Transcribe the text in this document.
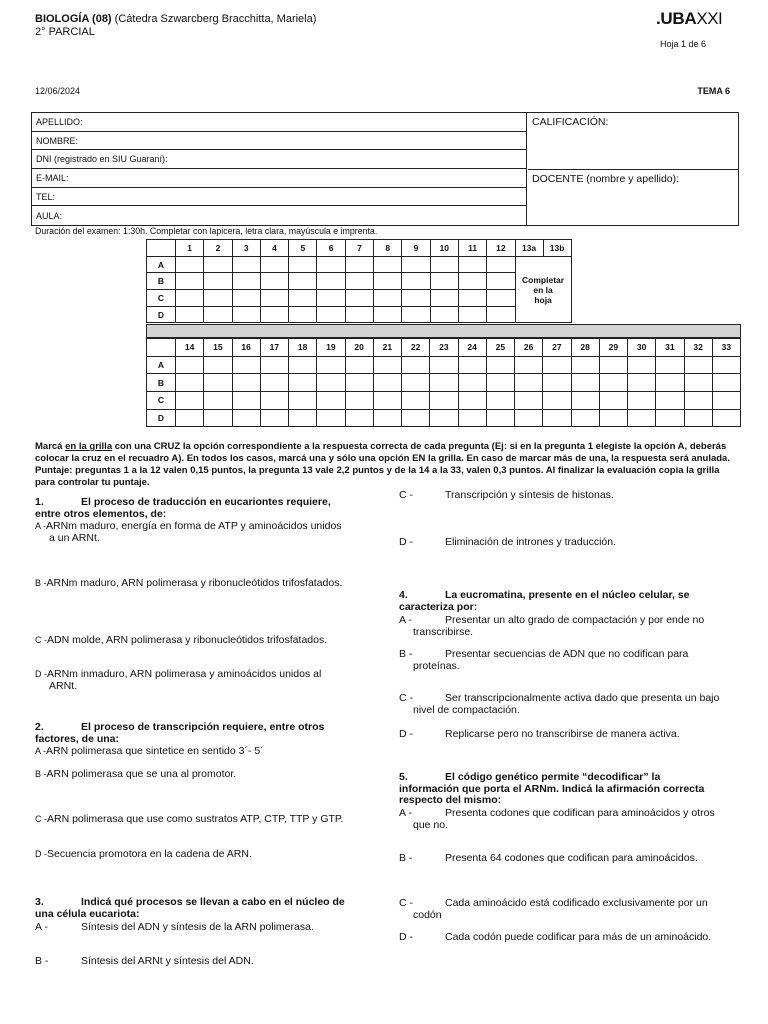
BIOLOGÍA (08) (Cátedra Szwarcberg Bracchitta, Mariela)
2° PARCIAL
.UBAXXI
Hoja 1 de 6
12/06/2024	TEMA 6
APELLIDO:
NOMBRE:
DNI (registrado en SIU Guaraní):
E-MAIL:
TEL:
AULA:
CALIFICACIÓN:
DOCENTE (nombre y apellido):
Duración del examen: 1:30h. Completar con lapicera, letra clara, mayúscula e imprenta.
	1	2	3	4	5	6	7	8	9	10	11	12	13a	13b
A													Completar
en la
hoja	

B														
C														
D														
	14	15	16	17	18	19	20	21	22	23	24	25	26	27	28	29	30	31	32	33
A																				
B																				
C																				
D																				
Marcá en la grilla con una CRUZ la opción correspondiente a la respuesta correcta de cada pregunta (Ej: si en la pregunta 1 elegiste la opción A, deberás colocar la cruz en el recuadro A). En todos los casos, marcá una y sólo una opción EN la grilla. En caso de marcar más de una, la respuesta será anulada. Puntaje: preguntas 1 a la 12 valen 0,15 puntos, la pregunta 13 vale 2,2 puntos y de la 14 a la 33, valen 0,3 puntos. Al finalizar la evaluación copia la grilla para controlar tu puntaje.
1.	El proceso de traducción en eucariontes requiere,
entre otros elementos, de:
A -ARNm maduro, energía en forma de ATP y aminoácidos unidos
a un ARNt.
B -ARNm maduro, ARN polimerasa y ribonucleótidos trifosfatados.
C -ADN molde, ARN polimerasa y ribonucleótidos trifosfatados.
D -ARNm inmaduro, ARN polimerasa y aminoácidos unidos al
ARNt.
2.	El proceso de transcripción requiere, entre otros
factores, de una:
A -ARN polimerasa que sintetice en sentido 3´- 5´
B -ARN polimerasa que se una al promotor.
C -ARN polimerasa que use como sustratos ATP, CTP, TTP y GTP.
D -Secuencia promotora en la cadena de ARN.
3.	Indicá qué procesos se llevan a cabo en el núcleo de
una célula eucariota:
A -	Síntesis del ADN y síntesis de la ARN polimerasa.
B -	Síntesis del ARNt y síntesis del ADN.
C -	Transcripción y síntesis de histonas.
D -	Eliminación de intrones y traducción.
4.	La eucromatina, presente en el núcleo celular, se
caracteriza por:
A -	Presentar un alto grado de compactación y por ende no
transcribirse.
B -	Presentar secuencias de ADN que no codifican para
proteínas.
C -	Ser transcripcionalmente activa dado que presenta un bajo
nivel de compactación.
D -	Replicarse pero no transcribirse de manera activa.
5.	El código genético permite “decodificar” la
información que porta el ARNm. Indicá la afirmación correcta
respecto del mismo:
A -	Presenta codones que codifican para aminoácidos y otros
que no.
B -	Presenta 64 codones que codifican para aminoácidos.
C -	Cada aminoácido está codificado exclusivamente por un
codón
D -	Cada codón puede codificar para más de un aminoácido.
